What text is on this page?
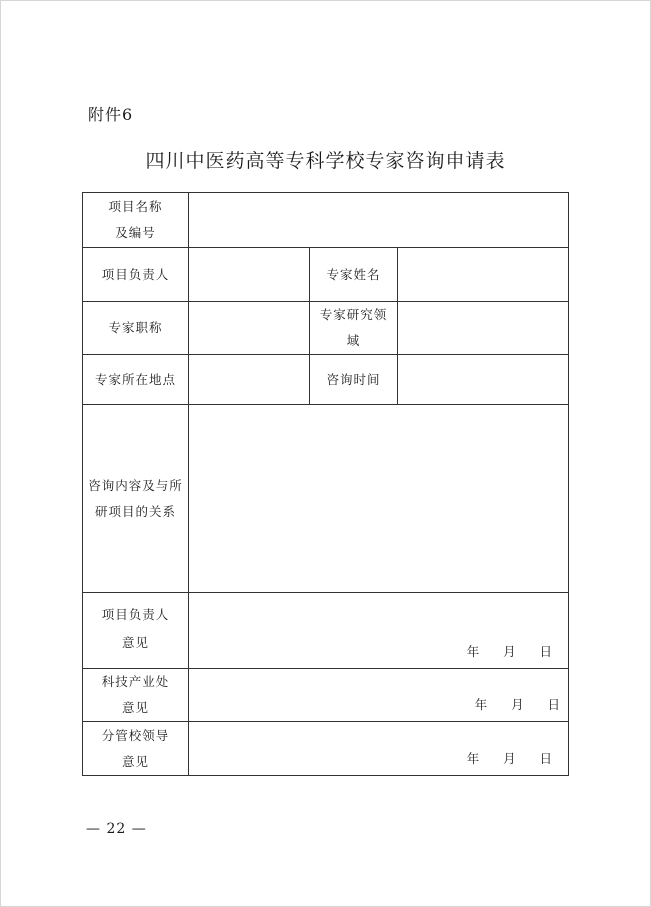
附件6
四川中医药高等专科学校专家咨询申请表
项目名称
及编号			

项目负责人		专家姓名	
专家职称		专家研究领
域	

专家所在地点		咨询时间	

咨询内容及与所
研项目的关系			

项目负责人
意见	年 月 日		

科技产业处
意见	年 月 日		

分管校领导
意见	年 月 日		
— 22 —
